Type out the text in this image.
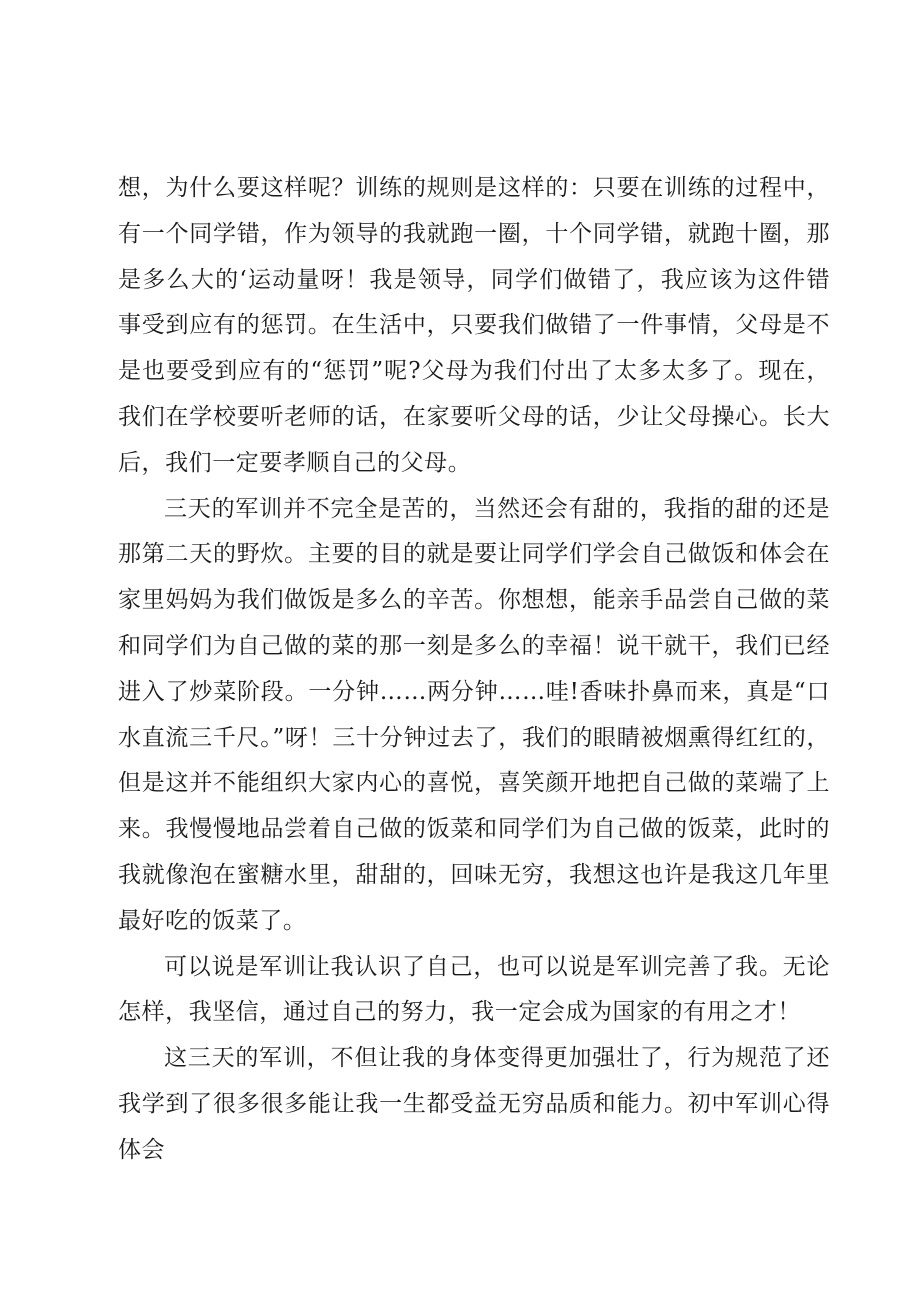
想，为什么要这样呢？训练的规则是这样的：只要在训练的过程中，有一个同学错，作为领导的我就跑一圈，十个同学错，就跑十圈，那是多么大的‘运动量呀！我是领导，同学们做错了，我应该为这件错事受到应有的惩罚。在生活中，只要我们做错了一件事情，父母是不是也要受到应有的“惩罚”呢?父母为我们付出了太多太多了。现在，我们在学校要听老师的话，在家要听父母的话，少让父母操心。长大后，我们一定要孝顺自己的父母。

三天的军训并不完全是苦的，当然还会有甜的，我指的甜的还是那第二天的野炊。主要的目的就是要让同学们学会自己做饭和体会在家里妈妈为我们做饭是多么的辛苦。你想想，能亲手品尝自己做的菜和同学们为自己做的菜的那一刻是多么的幸福！说干就干，我们已经进入了炒菜阶段。一分钟……两分钟……哇!香味扑鼻而来，真是“口水直流三千尺。”呀！三十分钟过去了，我们的眼睛被烟熏得红红的，但是这并不能组织大家内心的喜悦，喜笑颜开地把自己做的菜端了上来。我慢慢地品尝着自己做的饭菜和同学们为自己做的饭菜，此时的我就像泡在蜜糖水里，甜甜的，回味无穷，我想这也许是我这几年里最好吃的饭菜了。

可以说是军训让我认识了自己，也可以说是军训完善了我。无论怎样，我坚信，通过自己的努力，我一定会成为国家的有用之才！

这三天的军训，不但让我的身体变得更加强壮了，行为规范了还我学到了很多很多能让我一生都受益无穷品质和能力。初中军训心得体会
